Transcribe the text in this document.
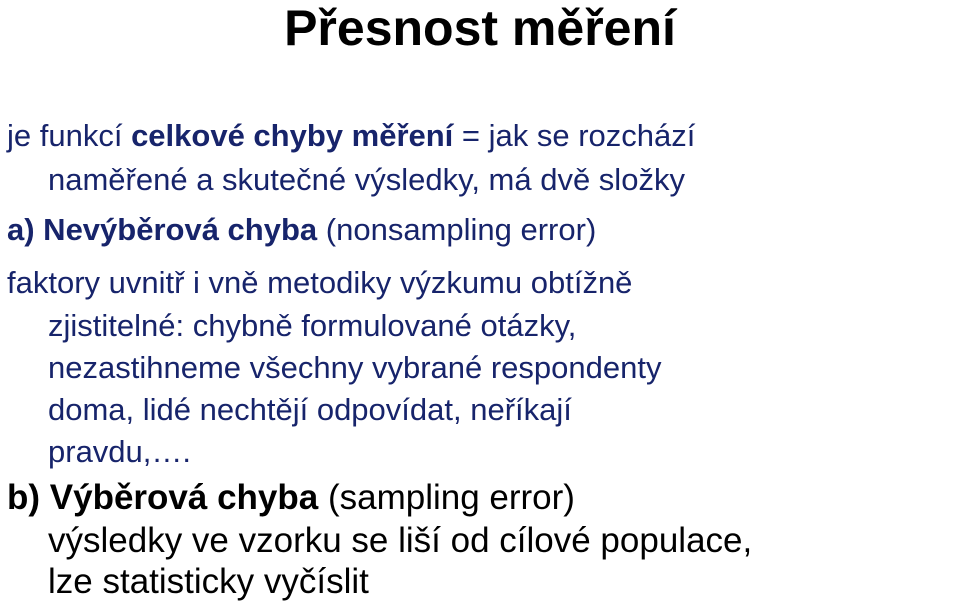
Přesnost měření
je funkcí celkové chyby měření = jak se rozchází
naměřené a skutečné výsledky, má dvě složky
a) Nevýběrová chyba (nonsampling error)
faktory uvnitř i vně metodiky výzkumu obtížně
zjistitelné: chybně formulované otázky,
nezastihneme všechny vybrané respondenty
doma, lidé nechtějí odpovídat, neříkají
pravdu,….
b) Výběrová chyba (sampling error)
výsledky ve vzorku se liší od cílové populace,
lze statisticky vyčíslit
